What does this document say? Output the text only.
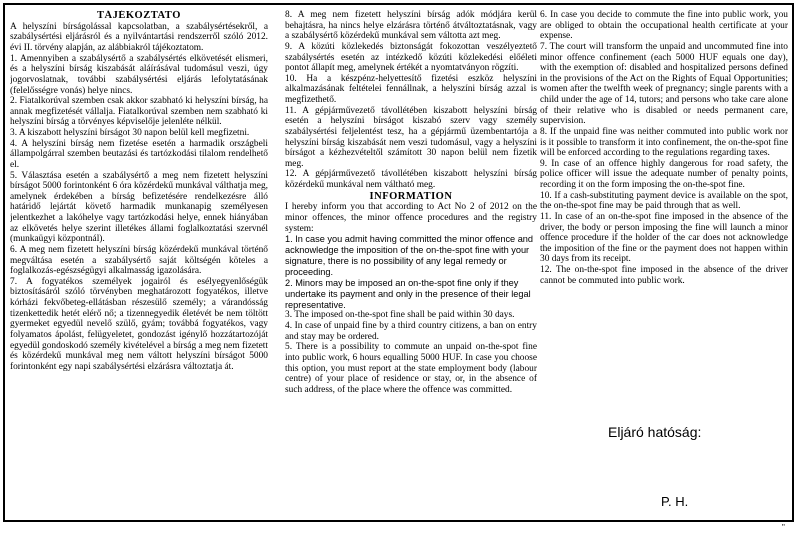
TÁJÉKOZTATÓ

A helyszíni bírságolással kapcsolatban, a szabálysértésekről, a szabálysértési eljárásról és a nyilvántartási rendszerről szóló 2012. évi II. törvény alapján, az alábbiakról tájékoztatom.

1. Amennyiben a szabálysértő a szabálysértés elkövetését elismeri, és a helyszíni bírság kiszabását aláírásával tudomásul veszi, úgy jogorvoslatnak, további szabálysértési eljárás lefolytatásának (felelősségre vonás) helye nincs.

2. Fiatalkorúval szemben csak akkor szabható ki helyszíni bírság, ha annak megfizetését vállalja. Fiatalkorúval szemben nem szabható ki helyszíni bírság a törvényes képviselője jelenléte nélkül.

3. A kiszabott helyszíni bírságot 30 napon belül kell megfizetni.

4. A helyszíni bírság nem fizetése esetén a harmadik országbeli állampolgárral szemben beutazási és tartózkodási tilalom rendelhető el.

5. Választása esetén a szabálysértő a meg nem fizetett helyszíni bírságot 5000 forintonként 6 óra közérdekű munkával válthatja meg, amelynek érdekében a bírság befizetésére rendelkezésre álló határidő lejártát követő harmadik munkanapig személyesen jelentkezhet a lakóhelye vagy tartózkodási helye, ennek hiányában az elkövetés helye szerint illetékes állami foglalkoztatási szervnél (munkaügyi központnál).

6. A meg nem fizetett helyszíni bírság közérdekű munkával történő megváltása esetén a szabálysértő saját költségén köteles a foglalkozás-egészségügyi alkalmasság igazolására.

7. A fogyatékos személyek jogairól és esélyegyenlőségük biztosításáról szóló törvényben meghatározott fogyatékos, illetve kórházi fekvőbeteg-ellátásban részesülő személy; a várandósság tizenkettedik hetét elérő nő; a tizennegyedik életévét be nem töltött gyermeket egyedül nevelő szülő, gyám; továbbá fogyatékos, vagy folyamatos ápolást, felügyeletet, gondozást igénylő hozzátartozóját egyedül gondoskodó személy kivételével a bírság a meg nem fizetett és közérdekű munkával meg nem váltott helyszíni bírságot 5000 forintonként egy napi szabálysértési elzárásra változtatja át.

8. A meg nem fizetett helyszíni bírság adók módjára kerül behajtásra, ha nincs helye elzárásra történő átváltoztatásnak, vagy a szabálysértő közérdekű munkával sem váltotta azt meg.

9. A közúti közlekedés biztonságát fokozottan veszélyeztető szabálysértés esetén az intézkedő közúti közlekedési előéleti pontot állapít meg, amelynek értékét a nyomtatványon rögzíti.

10. Ha a készpénz-helyettesítő fizetési eszköz helyszíni alkalmazásának feltételei fennállnak, a helyszíni bírság azzal is megfizethető.

11. A gépjárművezető távollétében kiszabott helyszíni bírság esetén a helyszíni bírságot kiszabó szerv vagy személy szabálysértési feljelentést tesz, ha a gépjármű üzembentartója a helyszíni bírság kiszabását nem veszi tudomásul, vagy a helyszíni bírságot a kézhezvételtől számított 30 napon belül nem fizetik meg.

12. A gépjárművezető távollétében kiszabott helyszíni bírság közérdekű munkával nem váltható meg.

INFORMATION

I hereby inform you that according to Act No 2 of 2012 on the minor offences, the minor offence procedures and the registry system:

1. In case you admit having committed the minor offence and acknowledge the imposition of the on-the-spot fine with your signature, there is no possibility of any legal remedy or proceeding.

2. Minors may be imposed an on-the-spot fine only if they undertake its payment and only in the presence of their legal representative.

3. The imposed on-the-spot fine shall be paid within 30 days.

4. In case of unpaid fine by a third country citizens, a ban on entry and stay may be ordered.

5. There is a possibility to commute an unpaid on-the-spot fine into public work, 6 hours equalling 5000 HUF. In case you choose this option, you must report at the state employment body (labour centre) of your place of residence or stay, or, in the absence of such address, of the place where the offence was committed.

6. In case you decide to commute the fine into public work, you are obliged to obtain the occupational health certificate at your expense.

7. The court will transform the unpaid and uncommuted fine into minor offence confinement (each 5000 HUF equals one day), with the exemption of: disabled and hospitalized persons defined in the provisions of the Act on the Rights of Equal Opportunities; women after the twelfth week of pregnancy; single parents with a child under the age of 14, tutors; and persons who take care alone of their relative who is disabled or needs permanent care, supervision.

8. If the unpaid fine was neither commuted into public work nor is it possible to transform it into confinement, the on-the-spot fine will be enforced according to the regulations regarding taxes.

9. In case of an offence highly dangerous for road safety, the police officer will issue the adequate number of penalty points, recording it on the form imposing the on-the-spot fine.

10. If a cash-substituting payment device is available on the spot, the on-the-spot fine may be paid through that as well.

11. In case of an on-the-spot fine imposed in the absence of the driver, the body or person imposing the fine will launch a minor offence procedure if the holder of the car does not acknowledge the imposition of the fine or the payment does not happen within 30 days from its receipt.

12. The on-the-spot fine imposed in the absence of the driver cannot be commuted into public work.

Eljáró hatóság:
P. H.
"
